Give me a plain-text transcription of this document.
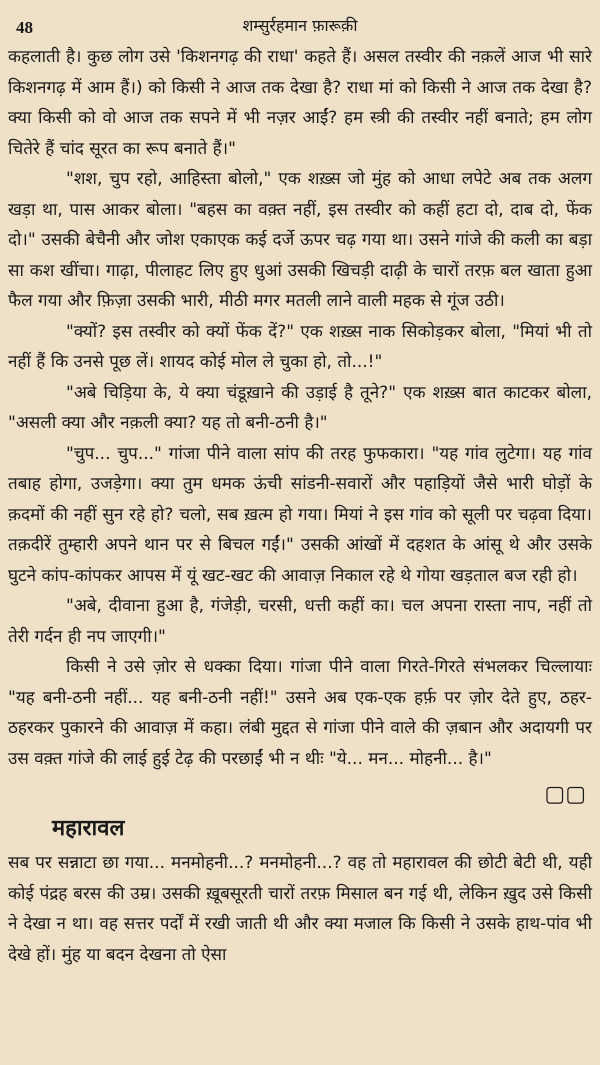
48	शम्सुर्रहमान फ़ारूक़ी

कहलाती है। कुछ लोग उसे 'किशनगढ़ की राधा' कहते हैं। असल तस्वीर की नक़लें आज भी सारे किशनगढ़ में आम हैं।) को किसी ने आज तक देखा है? राधा मां को किसी ने आज तक देखा है? क्या किसी को वो आज तक सपने में भी नज़र आईं? हम स्त्री की तस्वीर नहीं बनाते; हम लोग चितेरे हैं चांद सूरत का रूप बनाते हैं।"

"शश, चुप रहो, आहिस्ता बोलो," एक शख़्स जो मुंह को आधा लपेटे अब तक अलग खड़ा था, पास आकर बोला। "बहस का वक़्त नहीं, इस तस्वीर को कहीं हटा दो, दाब दो, फेंक दो।" उसकी बेचैनी और जोश एकाएक कई दर्जे ऊपर चढ़ गया था। उसने गांजे की कली का बड़ा सा कश खींचा। गाढ़ा, पीलाहट लिए हुए धुआं उसकी खिचड़ी दाढ़ी के चारों तरफ़ बल खाता हुआ फैल गया और फ़िज़ा उसकी भारी, मीठी मगर मतली लाने वाली महक से गूंज उठी।

"क्यों? इस तस्वीर को क्यों फेंक दें?" एक शख़्स नाक सिकोड़कर बोला, "मियां भी तो नहीं हैं कि उनसे पूछ लें। शायद कोई मोल ले चुका हो, तो...!"

"अबे चिड़िया के, ये क्या चंडूख़ाने की उड़ाई है तूने?" एक शख़्स बात काटकर बोला, "असली क्या और नक़ली क्या? यह तो बनी-ठनी है।"

"चुप... चुप..." गांजा पीने वाला सांप की तरह फुफकारा। "यह गांव लुटेगा। यह गांव तबाह होगा, उजड़ेगा। क्या तुम धमक ऊंची सांडनी-सवारों और पहाड़ियों जैसे भारी घोड़ों के क़दमों की नहीं सुन रहे हो? चलो, सब ख़त्म हो गया। मियां ने इस गांव को सूली पर चढ़वा दिया। तक़दीरें तुम्हारी अपने थान पर से बिचल गईं।" उसकी आंखों में दहशत के आंसू थे और उसके घुटने कांप-कांपकर आपस में यूं खट-खट की आवाज़ निकाल रहे थे गोया खड़ताल बज रही हो।

"अबे, दीवाना हुआ है, गंजेड़ी, चरसी, धत्ती कहीं का। चल अपना रास्ता नाप, नहीं तो तेरी गर्दन ही नप जाएगी।"

किसी ने उसे ज़ोर से धक्का दिया। गांजा पीने वाला गिरते-गिरते संभलकर चिल्लायाः "यह बनी-ठनी नहीं... यह बनी-ठनी नहीं!" उसने अब एक-एक हर्फ़ पर ज़ोर देते हुए, ठहर-ठहरकर पुकारने की आवाज़ में कहा। लंबी मुद्दत से गांजा पीने वाले की ज़बान और अदायगी पर उस वक़्त गांजे की लाई हुई टेढ़ की परछाईं भी न थीः "ये... मन... मोहनी... है।"

▢▢
महारावल

सब पर सन्नाटा छा गया... मनमोहनी...? मनमोहनी...? वह तो महारावल की छोटी बेटी थी, यही कोई पंद्रह बरस की उम्र। उसकी ख़ूबसूरती चारों तरफ़ मिसाल बन गई थी, लेकिन ख़ुद उसे किसी ने देखा न था। वह सत्तर पर्दों में रखी जाती थी और क्या मजाल कि किसी ने उसके हाथ-पांव भी देखे हों। मुंह या बदन देखना तो ऐसा
